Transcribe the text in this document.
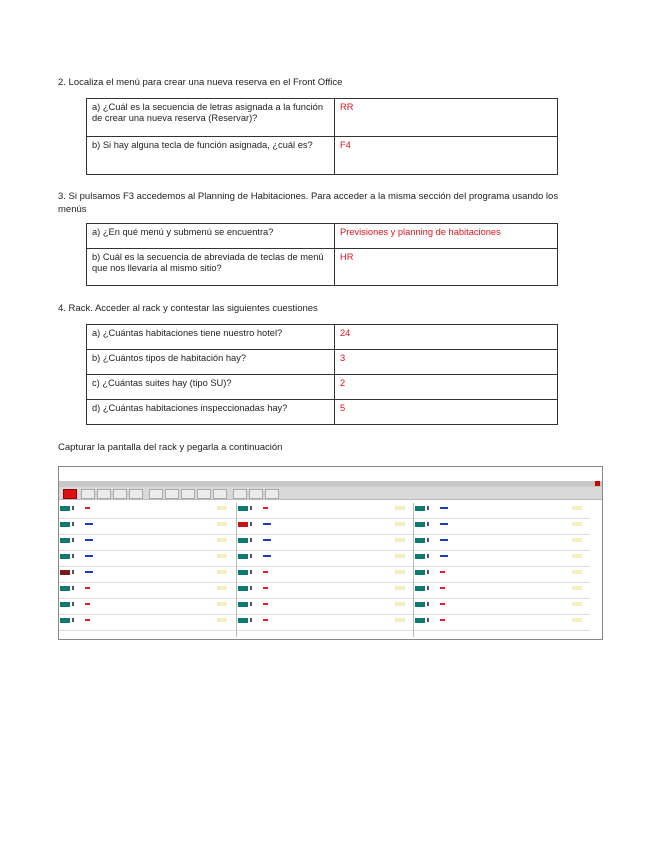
2. Localiza el menú para crear una nueva reserva en el Front Office
a) ¿Cuál es la secuencia de letras asignada a la función de crear una nueva reserva (Reservar)?	RR
b) Si hay alguna tecla de función asignada, ¿cuál es?	F4
3. Si pulsamos F3 accedemos al Planning de Habitaciones. Para acceder a la misma sección del programa usando los menús
a) ¿En qué menú y submenú se encuentra?	Previsiones y planning de habitaciones
b) Cuál es la secuencia de abreviada de teclas de menú que nos llevaría al mismo sitio?	HR
4. Rack. Acceder al rack y contestar las siguientes cuestiones
a) ¿Cuántas habitaciones tiene nuestro hotel?	24
b) ¿Cuántos tipos de habitación hay?	3
c) ¿Cuántas suites hay (tipo SU)?	2
d) ¿Cuántas habitaciones inspeccionadas hay?	5
Capturar la pantalla del rack y pegarla a continuación
